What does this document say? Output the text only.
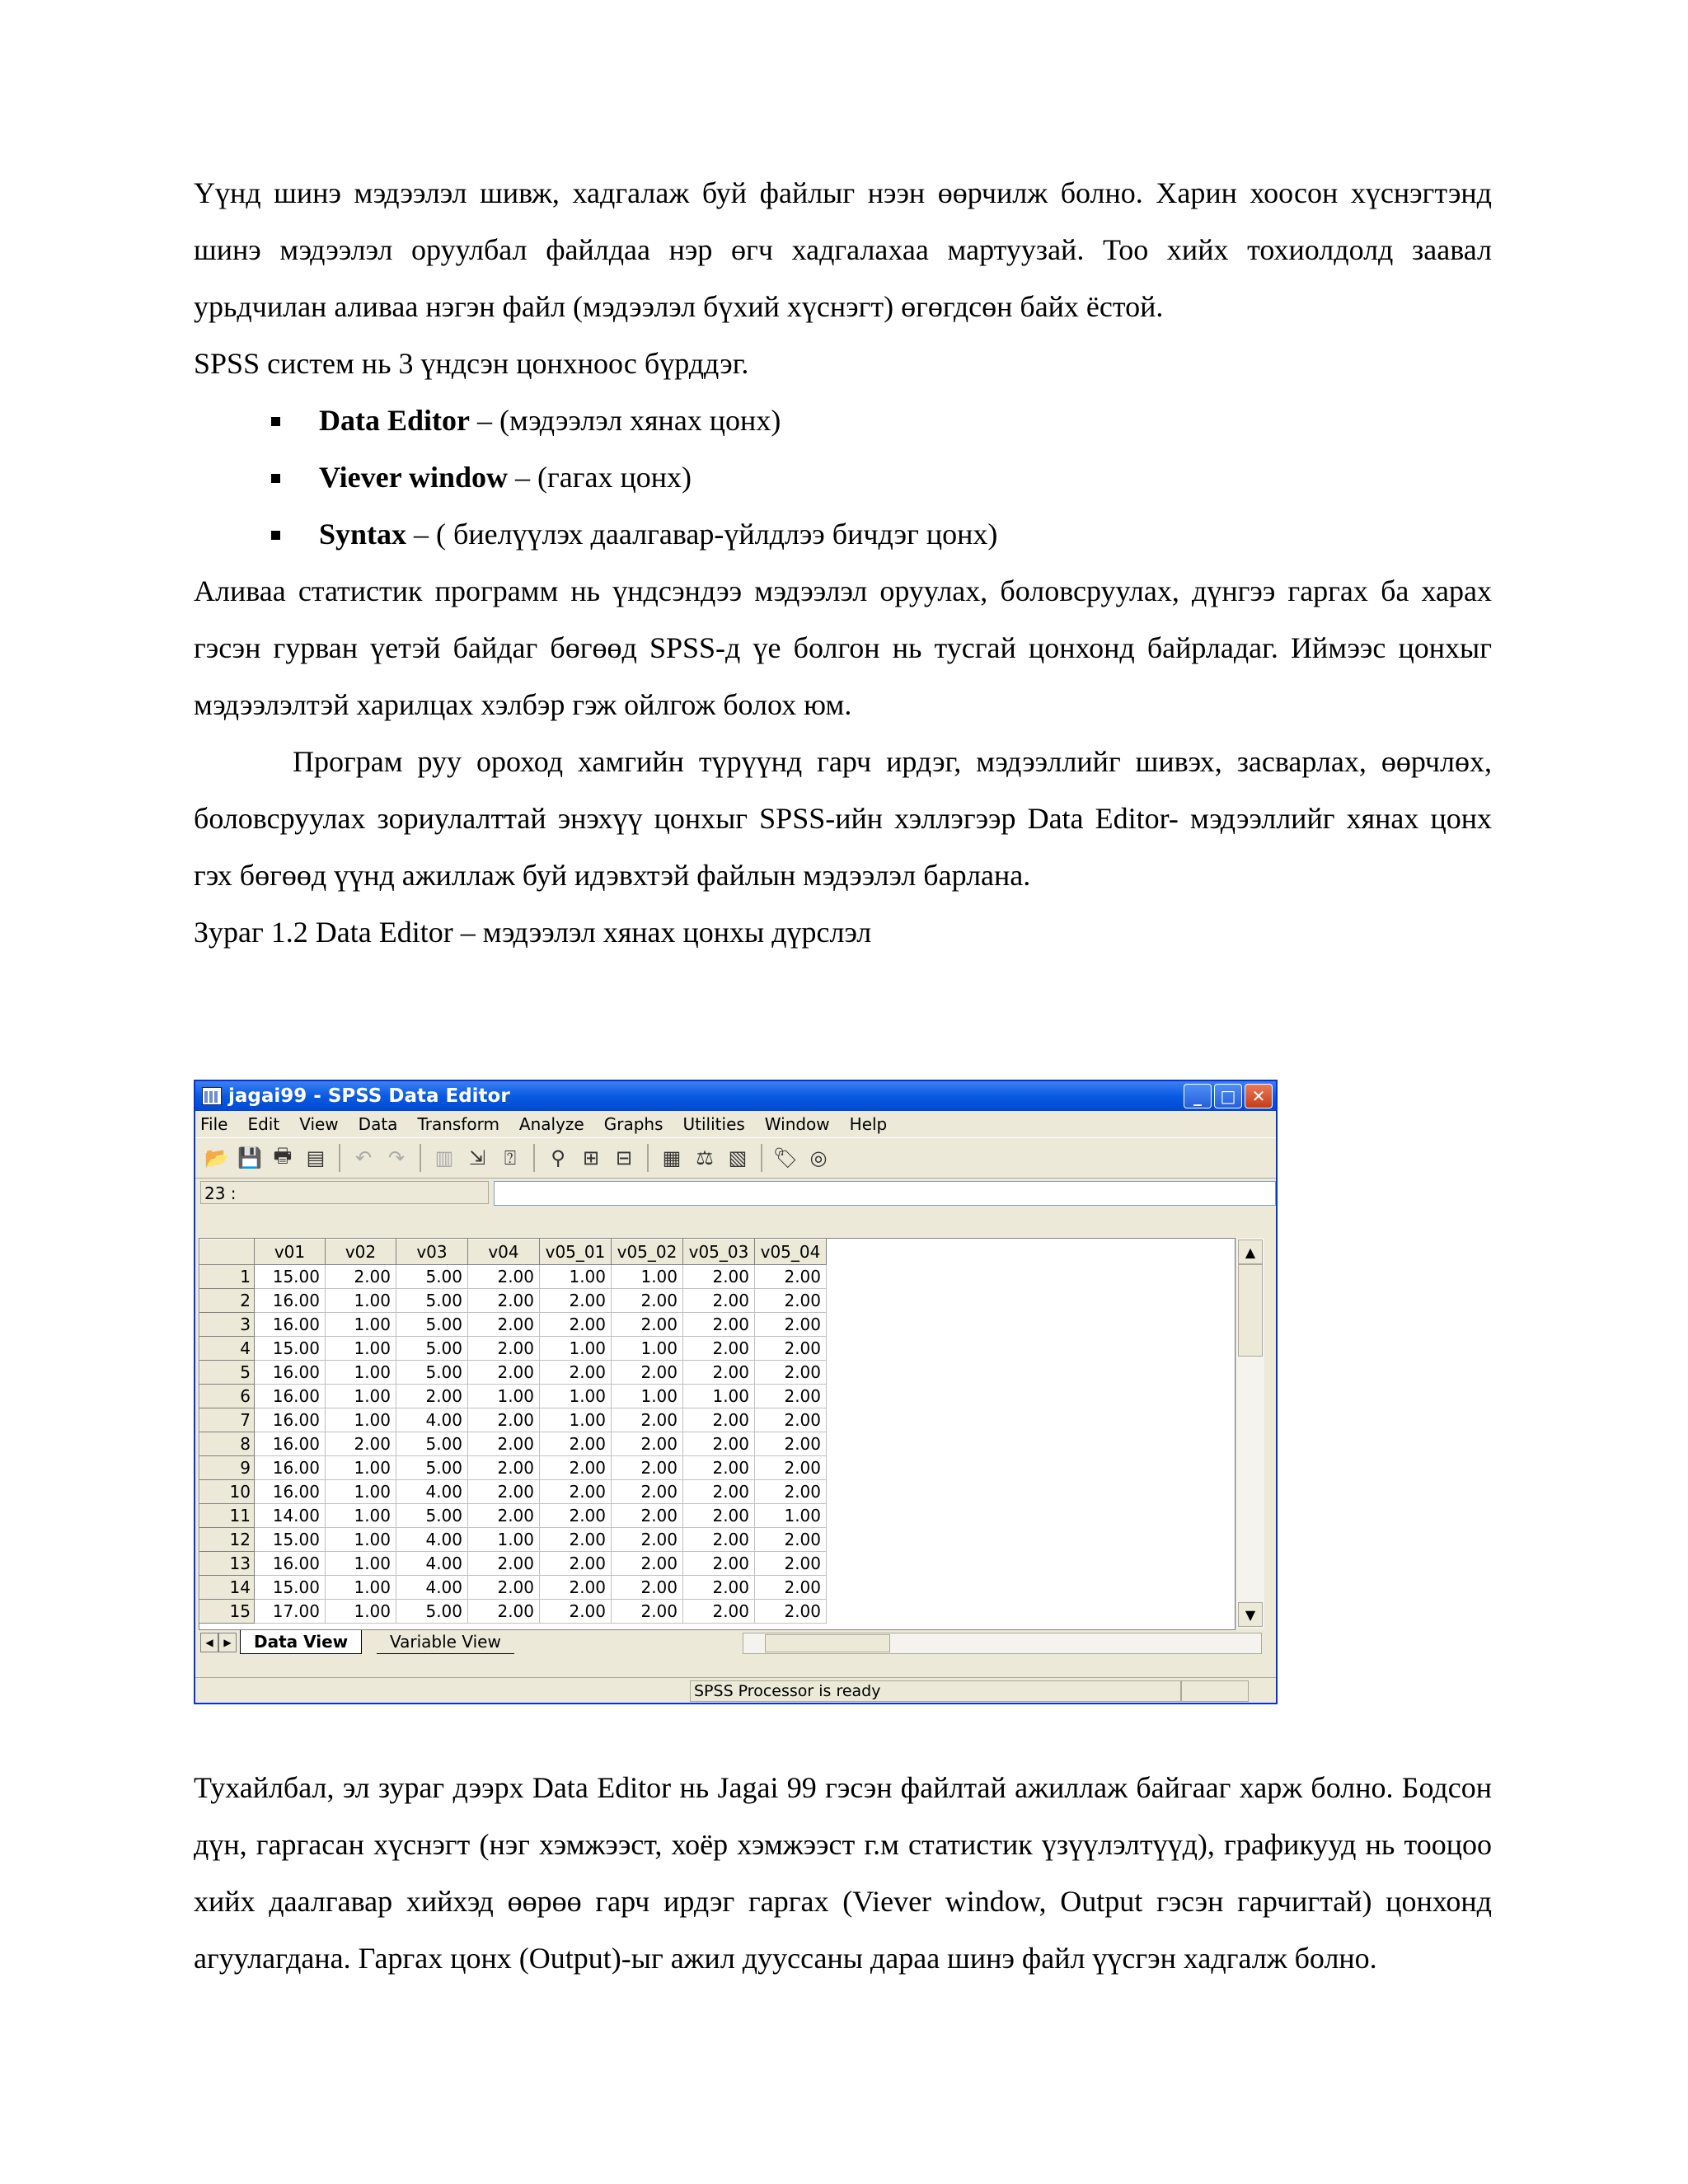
Үүнд шинэ мэдээлэл шивж, хадгалаж буй файлыг нээн өөрчилж болно. Харин хоосон хүснэгтэнд шинэ мэдээлэл оруулбал файлдаа нэр өгч хадгалахаа мартуузай. Тоо хийх тохиолдолд заавал урьдчилан аливаа нэгэн файл (мэдээлэл бүхий хүснэгт) өгөгдсөн байх ёстой.

SPSS систем нь 3 үндсэн цонхноос бүрддэг.

Data Editor – (мэдээлэл хянах цонх)
Viever window – (гагах цонх)
Syntax – ( биелүүлэх даалгавар-үйлдлээ бичдэг цонх)

Аливаа статистик программ нь үндсэндээ мэдээлэл оруулах, боловсруулах, дүнгээ гаргах ба харах гэсэн гурван үетэй байдаг бөгөөд SPSS-д үе болгон нь тусгай цонхонд байрладаг. Иймээс цонхыг мэдээлэлтэй харилцах хэлбэр гэж ойлгож болох юм.

Програм руу ороход хамгийн түрүүнд гарч ирдэг, мэдээллийг шивэх, засварлах, өөрчлөх, боловсруулах зориулалттай энэхүү цонхыг SPSS-ийн хэллэгээр Data Editor- мэдээллийг хянах цонх гэх бөгөөд үүнд ажиллаж буй идэвхтэй файлын мэдээлэл барлана.

Зураг 1.2 Data Editor – мэдээлэл хянах цонхы дүрслэл

jagai99 - SPSS Data Editor	_ □ ✕
File Edit View Data Transform Analyze Graphs Utilities Window Help
📂 💾 🖶 ▤	↶ ↷	▥ ⇲ ⍰	⚲ ⊞ ⊟	▦ ⚖ ▧ 🏷 ◎
23 :
	v01	v02	v03	v04	v05_01	v05_02	v05_03	v05_04
1	15.00	2.00	5.00	2.00	1.00	1.00	2.00	2.00
2	16.00	1.00	5.00	2.00	2.00	2.00	2.00	2.00
3	16.00	1.00	5.00	2.00	2.00	2.00	2.00	2.00
4	15.00	1.00	5.00	2.00	1.00	1.00	2.00	2.00
5	16.00	1.00	5.00	2.00	2.00	2.00	2.00	2.00
6	16.00	1.00	2.00	1.00	1.00	1.00	1.00	2.00
7	16.00	1.00	4.00	2.00	1.00	2.00	2.00	2.00
8	16.00	2.00	5.00	2.00	2.00	2.00	2.00	2.00
9	16.00	1.00	5.00	2.00	2.00	2.00	2.00	2.00
10	16.00	1.00	4.00	2.00	2.00	2.00	2.00	2.00
11	14.00	1.00	5.00	2.00	2.00	2.00	2.00	1.00
12	15.00	1.00	4.00	1.00	2.00	2.00	2.00	2.00
13	16.00	1.00	4.00	2.00	2.00	2.00	2.00	2.00
14	15.00	1.00	4.00	2.00	2.00	2.00	2.00	2.00
15	17.00	1.00	5.00	2.00	2.00	2.00	2.00	2.00
▲
▼
◀	▶	Data View	Variable View
SPSS Processor is ready

Тухайлбал, эл зураг дээрх Data Editor нь Jagai 99 гэсэн файлтай ажиллаж байгааг харж болно. Бодсон дүн, гаргасан хүснэгт (нэг хэмжээст, хоёр хэмжээст г.м статистик үзүүлэлтүүд), графикууд нь тооцоо хийх даалгавар хийхэд өөрөө гарч ирдэг гаргах (Viever window, Output гэсэн гарчигтай) цонхонд агуулагдана. Гаргах цонх (Output)-ыг ажил дууссаны дараа шинэ файл үүсгэн хадгалж болно.
